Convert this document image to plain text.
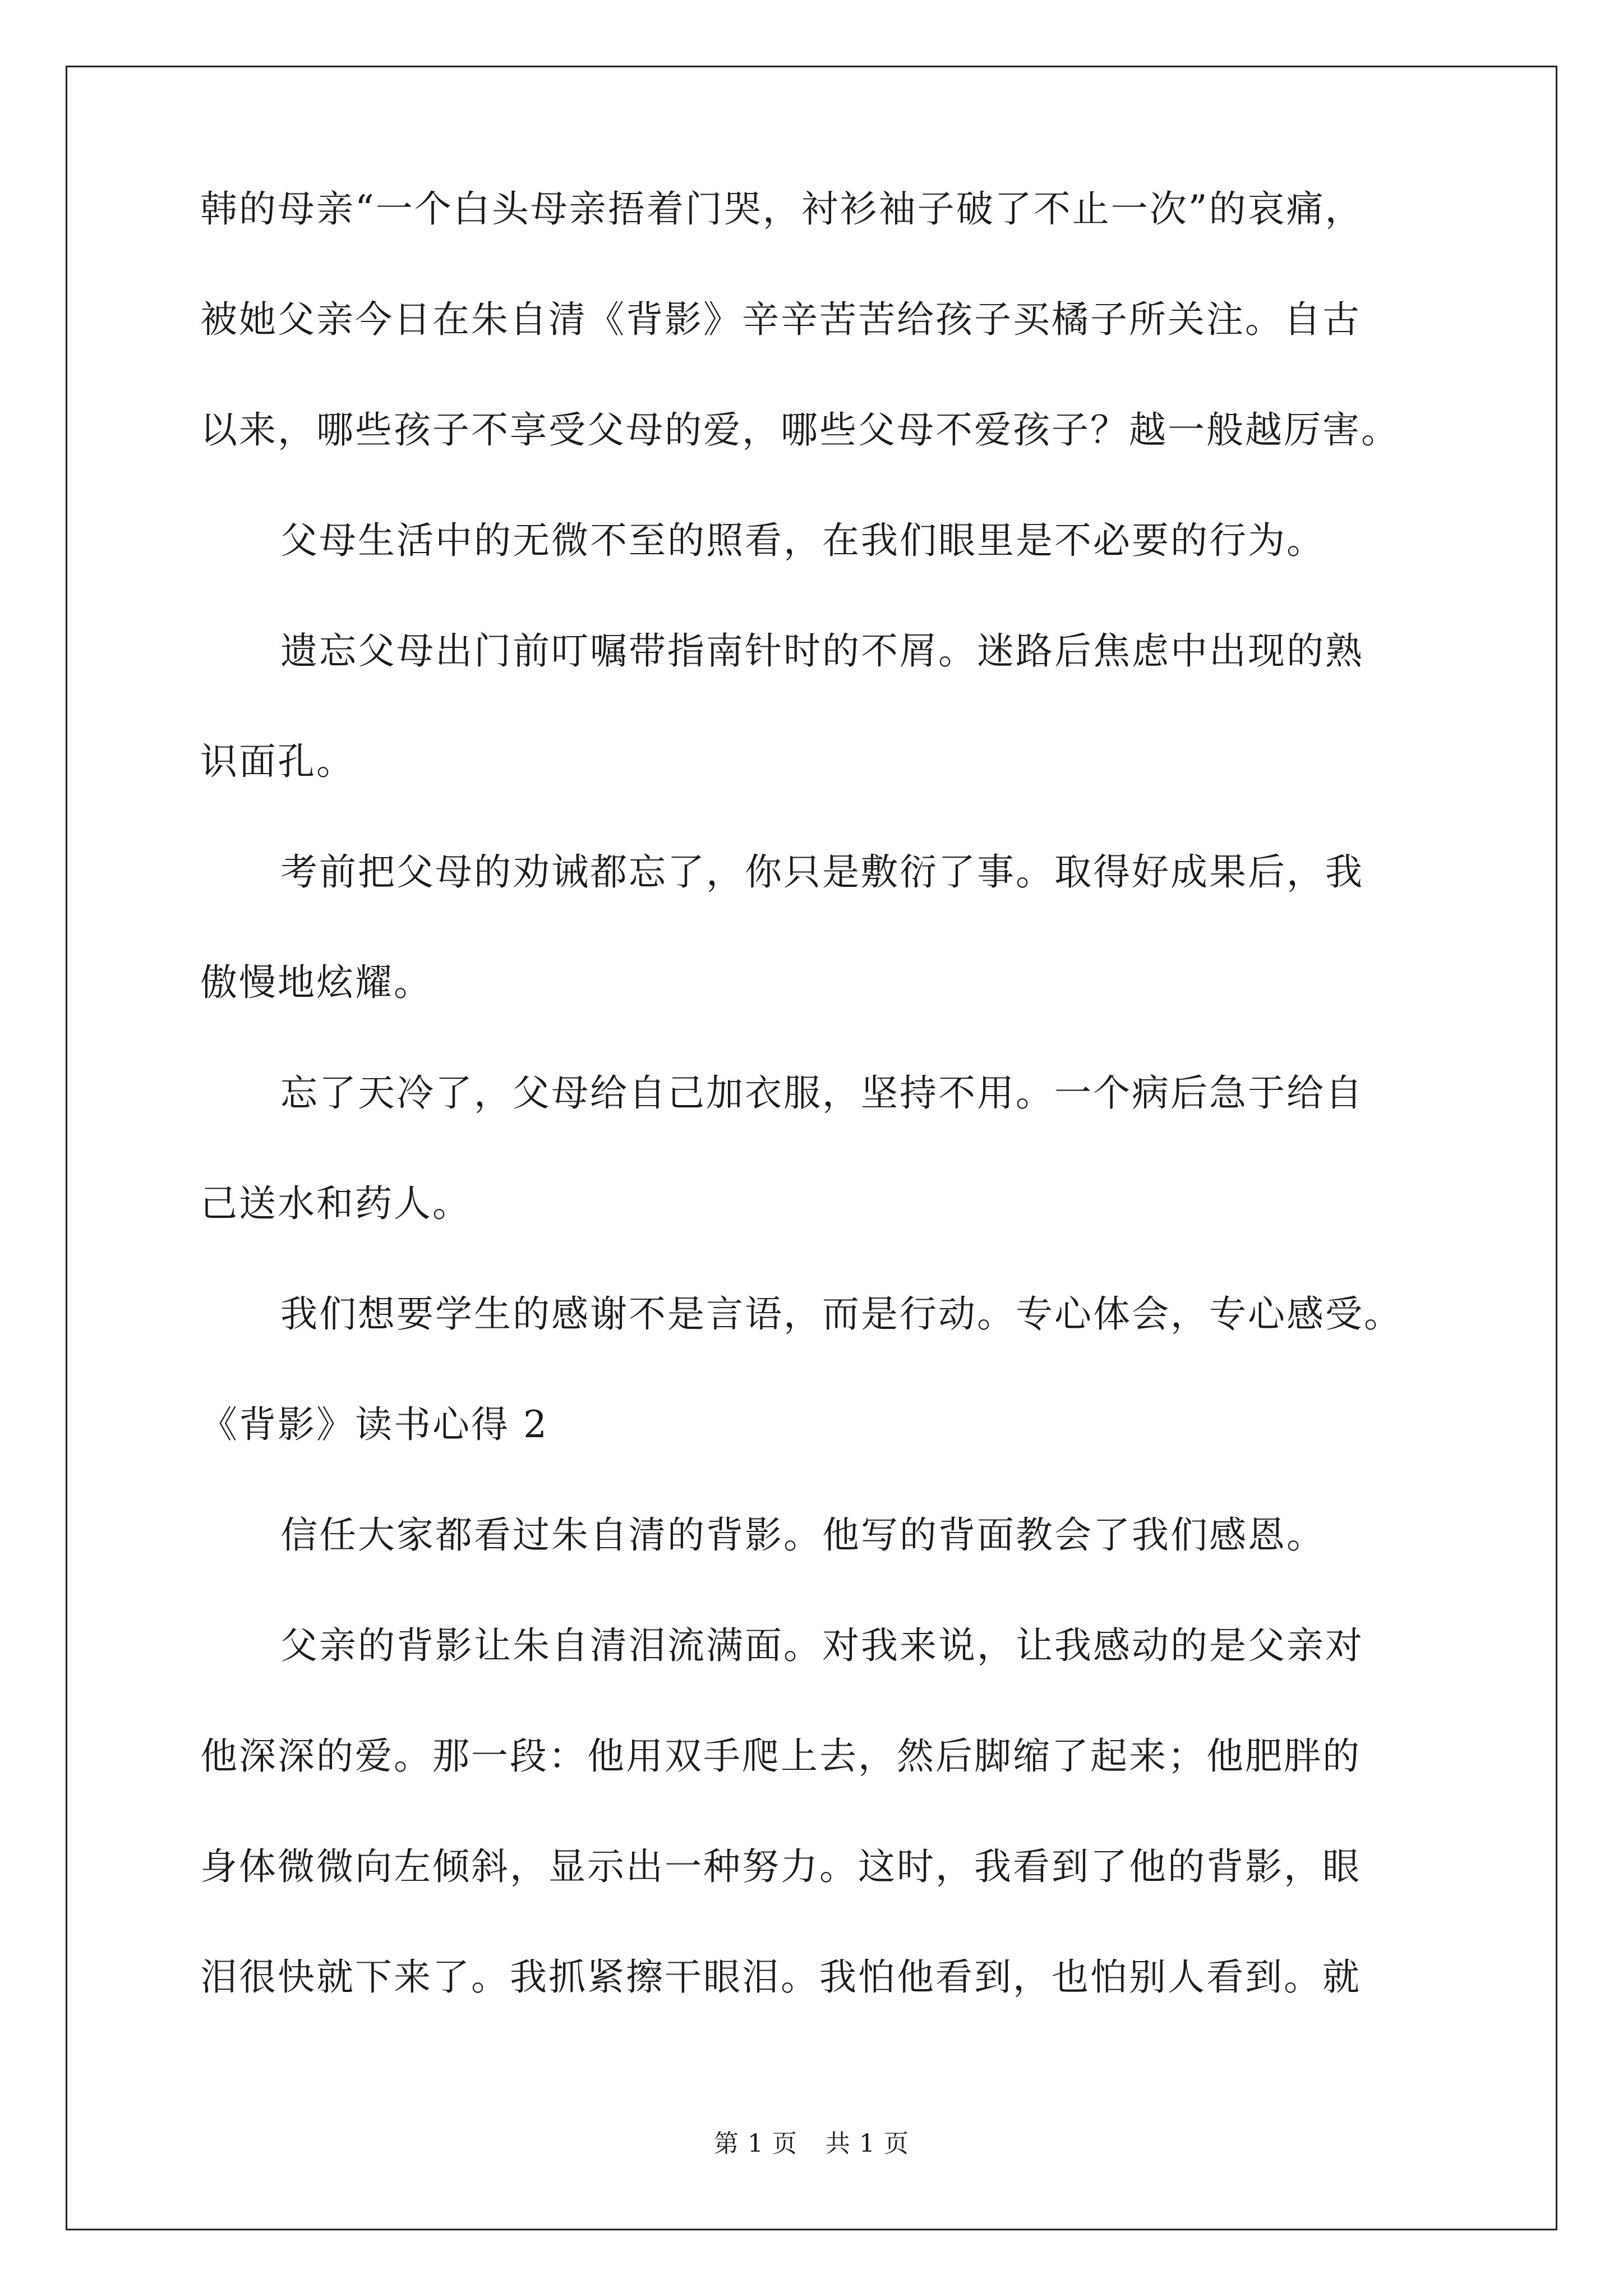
韩的母亲“一个白头母亲捂着门哭，衬衫袖子破了不止一次”的哀痛，
被她父亲今日在朱自清《背影》辛辛苦苦给孩子买橘子所关注。自古
以来，哪些孩子不享受父母的爱，哪些父母不爱孩子？越一般越厉害。
父母生活中的无微不至的照看，在我们眼里是不必要的行为。
遗忘父母出门前叮嘱带指南针时的不屑。迷路后焦虑中出现的熟
识面孔。
考前把父母的劝诫都忘了，你只是敷衍了事。取得好成果后，我
傲慢地炫耀。
忘了天冷了，父母给自己加衣服，坚持不用。一个病后急于给自
己送水和药人。
我们想要学生的感谢不是言语，而是行动。专心体会，专心感受。
《背影》读书心得 2
信任大家都看过朱自清的背影。他写的背面教会了我们感恩。
父亲的背影让朱自清泪流满面。对我来说，让我感动的是父亲对
他深深的爱。那一段：他用双手爬上去，然后脚缩了起来；他肥胖的
身体微微向左倾斜，显示出一种努力。这时，我看到了他的背影，眼
泪很快就下来了。我抓紧擦干眼泪。我怕他看到，也怕别人看到。就
第 1 页 共 1 页
